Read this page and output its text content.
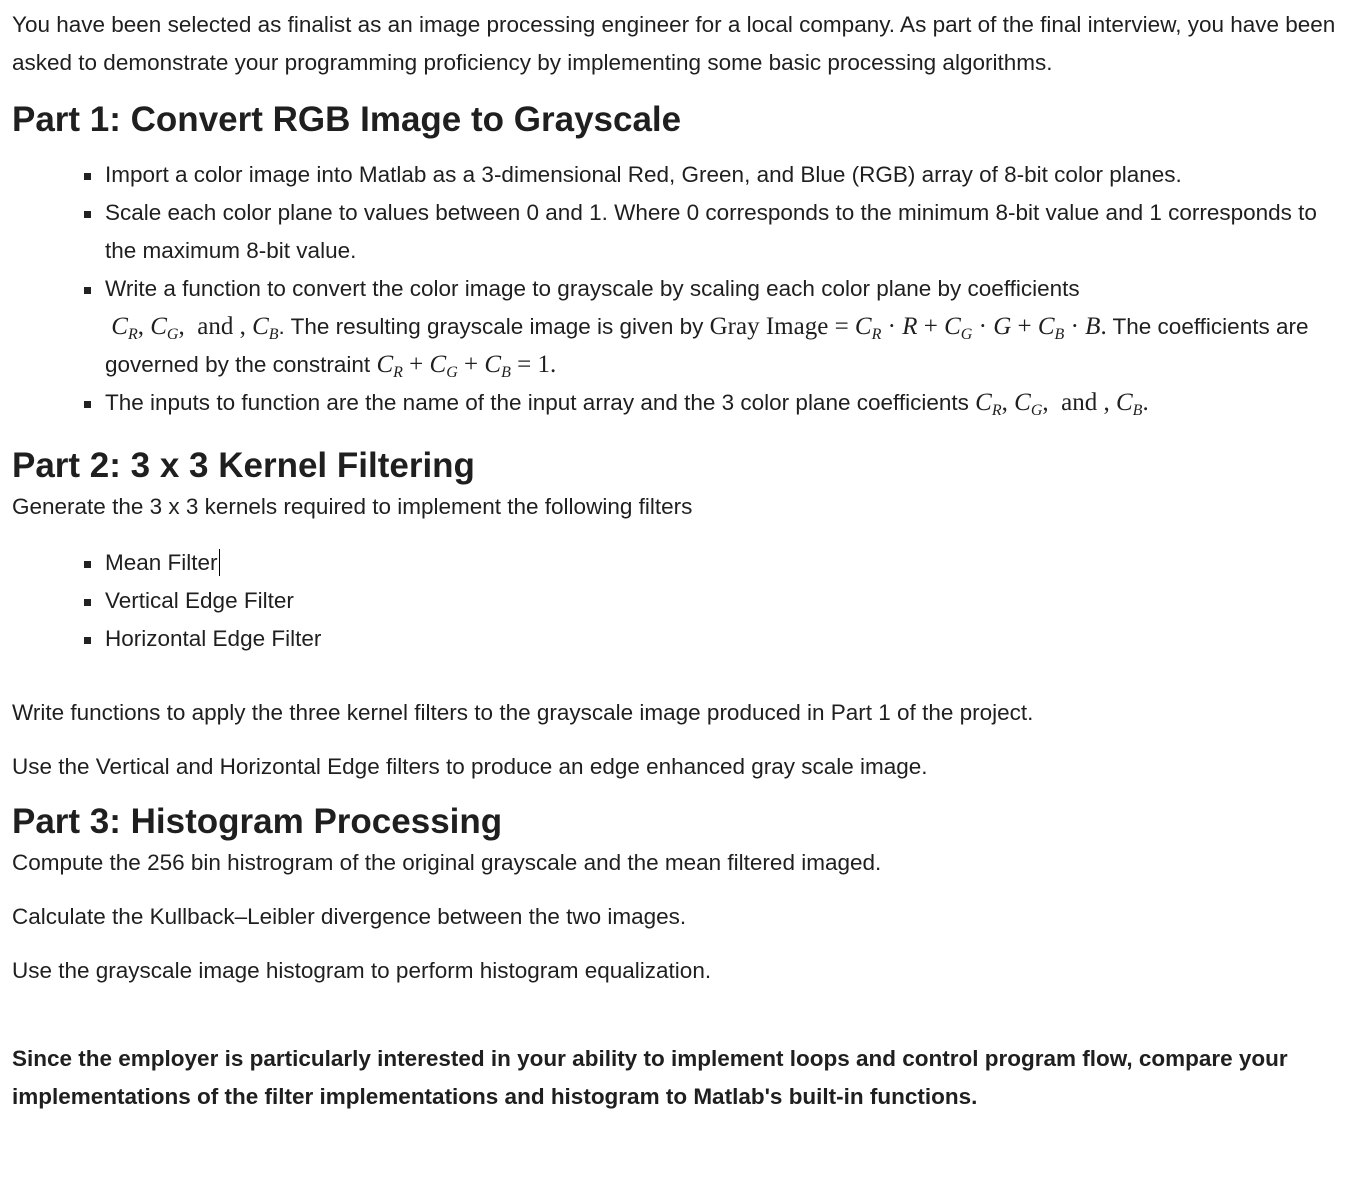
You have been selected as finalist as an image processing engineer for a local company. As part of the final interview, you have been asked to demonstrate your programming proficiency by implementing some basic processing algorithms.

Part 1: Convert RGB Image to Grayscale
Import a color image into Matlab as a 3-dimensional Red, Green, and Blue (RGB) array of 8-bit color planes.
Scale each color plane to values between 0 and 1. Where 0 corresponds to the minimum 8-bit value and 1 corresponds to the maximum 8-bit value.
Write a function to convert the color image to grayscale by scaling each color plane by coefficients
$C_R$, $C_G$,  and , $C_B$. The resulting grayscale image is given by Gray Image = $C_R \cdot R + C_G \cdot G + C_B \cdot B$. The coefficients are governed by the constraint $C_R + C_G + C_B = 1$.
The inputs to function are the name of the input array and the 3 color plane coefficients $C_R$, $C_G$,  and , $C_B$.
Part 2: 3 x 3 Kernel Filtering

Generate the 3 x 3 kernels required to implement the following filters

Mean Filter
Vertical Edge Filter
Horizontal Edge Filter

Write functions to apply the three kernel filters to the grayscale image produced in Part 1 of the project.

Use the Vertical and Horizontal Edge filters to produce an edge enhanced gray scale image.

Part 3: Histogram Processing

Compute the 256 bin histrogram of the original grayscale and the mean filtered imaged.

Calculate the Kullback–Leibler divergence between the two images.

Use the grayscale image histogram to perform histogram equalization.

Since the employer is particularly interested in your ability to implement loops and control program flow, compare your implementations of the filter implementations and histogram to Matlab's built-in functions.
